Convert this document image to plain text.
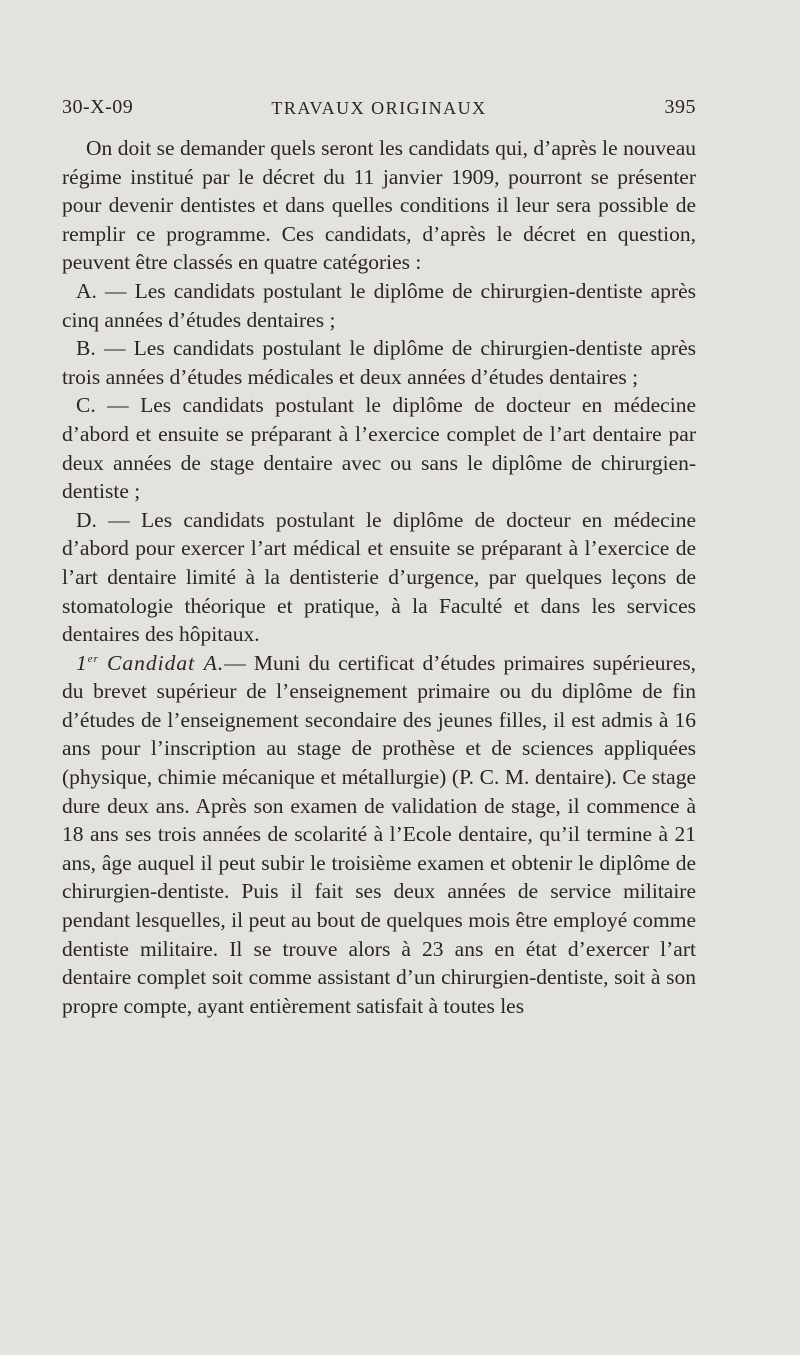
30-X-09	TRAVAUX ORIGINAUX	395

On doit se demander quels seront les candidats qui, d’après le nouveau régime institué par le décret du 11 janvier 1909, pourront se présenter pour devenir dentistes et dans quelles conditions il leur sera possible de remplir ce programme. Ces candidats, d’après le décret en question, peuvent être classés en quatre catégories :

A. — Les candidats postulant le diplôme de chirurgien-dentiste après cinq années d’études dentaires ;

B. — Les candidats postulant le diplôme de chirurgien-dentiste après trois années d’études médicales et deux années d’études dentaires ;

C. — Les candidats postulant le diplôme de docteur en médecine d’abord et ensuite se préparant à l’exercice complet de l’art dentaire par deux années de stage dentaire avec ou sans le diplôme de chirurgien-dentiste ;

D. — Les candidats postulant le diplôme de docteur en médecine d’abord pour exercer l’art médical et ensuite se préparant à l’exercice de l’art dentaire limité à la dentisterie d’urgence, par quelques leçons de stomatologie théorique et pratique, à la Faculté et dans les services dentaires des hôpitaux.

1er Candidat A.— Muni du certificat d’études primaires supérieures, du brevet supérieur de l’enseignement primaire ou du diplôme de fin d’études de l’enseignement secondaire des jeunes filles, il est admis à 16 ans pour l’inscription au stage de prothèse et de sciences appliquées (physique, chimie mécanique et métallurgie) (P. C. M. dentaire). Ce stage dure deux ans. Après son examen de validation de stage, il commence à 18 ans ses trois années de scolarité à l’Ecole dentaire, qu’il termine à 21 ans, âge auquel il peut subir le troisième examen et obtenir le diplôme de chirurgien-dentiste. Puis il fait ses deux années de service militaire pendant lesquelles, il peut au bout de quelques mois être employé comme dentiste militaire. Il se trouve alors à 23 ans en état d’exercer l’art dentaire complet soit comme assistant d’un chirurgien-dentiste, soit à son propre compte, ayant entièrement satisfait à toutes les
